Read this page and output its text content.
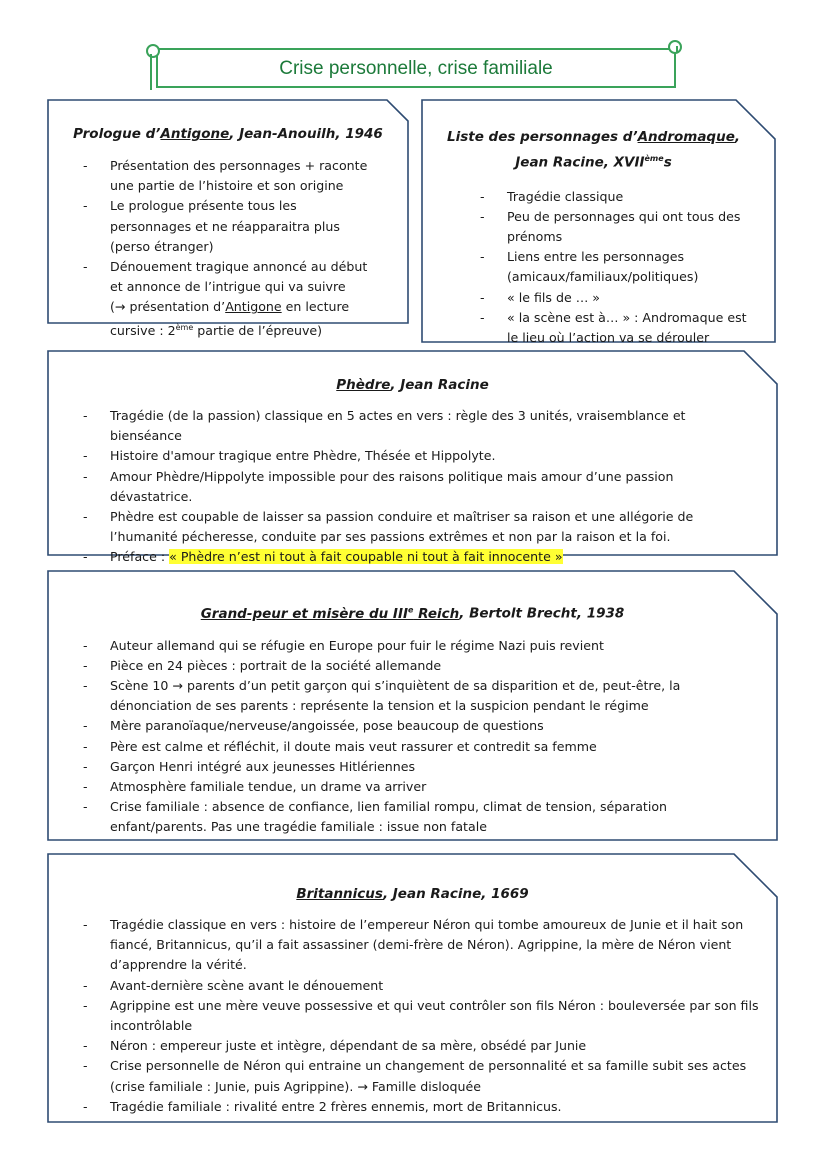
Crise personnelle, crise familiale
Prologue d’Antigone, Jean-Anouilh, 1946
- Présentation des personnages + raconte une partie de l’histoire et son origine
- Le prologue présente tous les personnages et ne réapparaitra plus (perso étranger)
- Dénouement tragique annoncé au début et annonce de l’intrigue qui va suivre
(→ présentation d’Antigone en lecture cursive : 2ème partie de l’épreuve)
Liste des personnages d’Andromaque,
Jean Racine, XVIIèmes
- Tragédie classique
- Peu de personnages qui ont tous des prénoms
- Liens entre les personnages (amicaux/familiaux/politiques)
- « le fils de … »
- « la scène est à… » : Andromaque est le lieu où l’action va se dérouler
Phèdre, Jean Racine
- Tragédie (de la passion) classique en 5 actes en vers : règle des 3 unités, vraisemblance et bienséance
- Histoire d'amour tragique entre Phèdre, Thésée et Hippolyte.
- Amour Phèdre/Hippolyte impossible pour des raisons politique mais amour d’une passion dévastatrice.
- Phèdre est coupable de laisser sa passion conduire et maîtriser sa raison et une allégorie de l’humanité pécheresse, conduite par ses passions extrêmes et non par la raison et la foi.
- Préface : « Phèdre n’est ni tout à fait coupable ni tout à fait innocente »
-
Grand-peur et misère du IIIe Reich, Bertolt Brecht, 1938
- Auteur allemand qui se réfugie en Europe pour fuir le régime Nazi puis revient
- Pièce en 24 pièces : portrait de la société allemande
- Scène 10 → parents d’un petit garçon qui s’inquiètent de sa disparition et de, peut-être, la dénonciation de ses parents : représente la tension et la suspicion pendant le régime
- Mère paranoïaque/nerveuse/angoissée, pose beaucoup de questions
- Père est calme et réfléchit, il doute mais veut rassurer et contredit sa femme
- Garçon Henri intégré aux jeunesses Hitlériennes
- Atmosphère familiale tendue, un drame va arriver
- Crise familiale : absence de confiance, lien familial rompu, climat de tension, séparation enfant/parents. Pas une tragédie familiale : issue non fatale
Britannicus, Jean Racine, 1669
- Tragédie classique en vers : histoire de l’empereur Néron qui tombe amoureux de Junie et il hait son fiancé, Britannicus, qu’il a fait assassiner (demi-frère de Néron). Agrippine, la mère de Néron vient d’apprendre la vérité.
- Avant-dernière scène avant le dénouement
- Agrippine est une mère veuve possessive et qui veut contrôler son fils Néron : bouleversée par son fils incontrôlable
- Néron : empereur juste et intègre, dépendant de sa mère, obsédé par Junie
- Crise personnelle de Néron qui entraine un changement de personnalité et sa famille subit ses actes (crise familiale : Junie, puis Agrippine). → Famille disloquée
- Tragédie familiale : rivalité entre 2 frères ennemis, mort de Britannicus.
